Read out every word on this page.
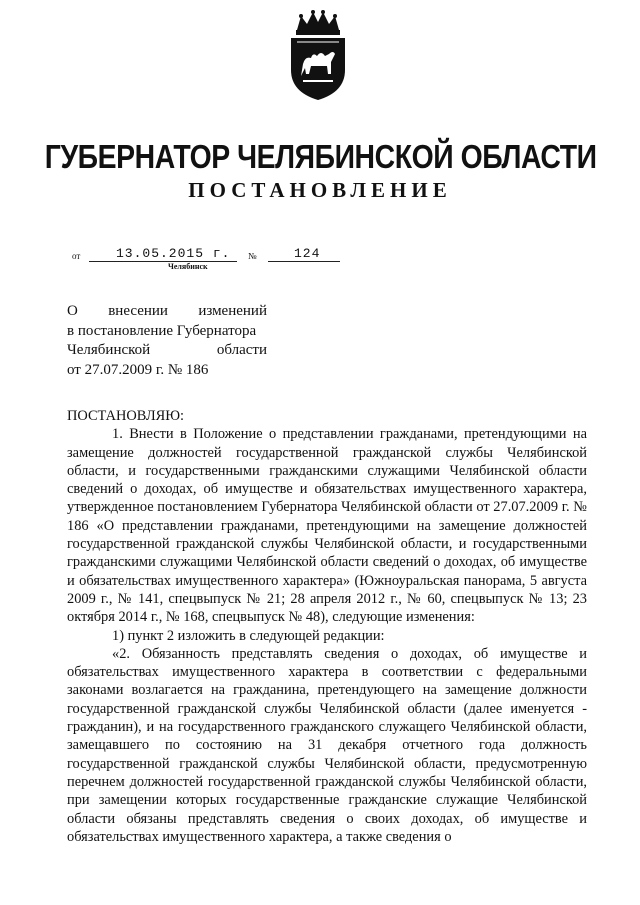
ГУБЕРНАТОР ЧЕЛЯБИНСКОЙ ОБЛАСТИ
ПОСТАНОВЛЕНИЕ
от	13.05.2015 г. №	124
Челябинск
О внесении изменений
в постановление Губернатора
Челябинской	области
от 27.07.2009 г. № 186

ПОСТАНОВЛЯЮ:

1. Внести в Положение о представлении гражданами, претендующими на замещение должностей государственной гражданской службы Челябинской области, и государственными гражданскими служащими Челябинской области сведений о доходах, об имуществе и обязательствах имущественного характера, утвержденное постановлением Губернатора Челябинской области от 27.07.2009 г. № 186 «О представлении гражданами, претендующими на замещение должностей государственной гражданской службы Челябинской области, и государственными гражданскими служащими Челябинской области сведений о доходах, об имуществе и обязательствах имущественного характера» (Южноуральская панорама, 5 августа 2009 г., № 141, спецвыпуск № 21; 28 апреля 2012 г., № 60, спецвыпуск № 13; 23 октября 2014 г., № 168, спецвыпуск № 48), следующие изменения:

1) пункт 2 изложить в следующей редакции:

«2. Обязанность представлять сведения о доходах, об имуществе и обязательствах имущественного характера в соответствии с федеральными законами возлагается на гражданина, претендующего на замещение должности государственной гражданской службы Челябинской области (далее именуется - гражданин), и на государственного гражданского служащего Челябинской области, замещавшего по состоянию на 31 декабря отчетного года должность государственной гражданской службы Челябинской области, предусмотренную перечнем должностей государственной гражданской службы Челябинской области, при замещении которых государственные гражданские служащие Челябинской области обязаны представлять сведения о своих доходах, об имуществе и обязательствах имущественного характера, а также сведения о
